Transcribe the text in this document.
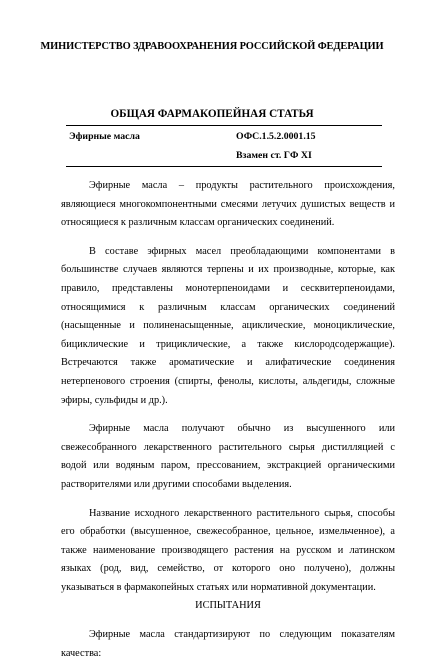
МИНИСТЕРСТВО ЗДРАВООХРАНЕНИЯ РОССИЙСКОЙ ФЕДЕРАЦИИ
ОБЩАЯ ФАРМАКОПЕЙНАЯ СТАТЬЯ
Эфирные масла	ОФС.1.5.2.0001.15
Взамен ст. ГФ XI

Эфирные масла – продукты растительного происхождения, являющиеся многокомпонентными смесями летучих душистых веществ и относящиеся к различным классам органических соединений.

В составе эфирных масел преобладающими компонентами в большинстве случаев являются терпены и их производные, которые, как правило, представлены монотерпеноидами и сесквитерпеноидами, относящимися к различным классам органических соединений (насыщенные и полиненасыщенные, ациклические, моноциклические, бициклические и трициклические, а также кислородсодержащие). Встречаются также ароматические и алифатические соединения нетерпенового строения (спирты, фенолы, кислоты, альдегиды, сложные эфиры, сульфиды и др.).

Эфирные масла получают обычно из высушенного или свежесобранного лекарственного растительного сырья дистилляцией с водой или водяным паром, прессованием, экстракцией органическими растворителями или другими способами выделения.

Название исходного лекарственного растительного сырья, способы его обработки (высушенное, свежесобранное, цельное, измельченное), а также наименование производящего растения на русском и латинском языках (род, вид, семейство, от которого оно получено), должны указываться в фармакопейных статьях или нормативной документации.

ИСПЫТАНИЯ

Эфирные масла стандартизируют по следующим показателям качества:
